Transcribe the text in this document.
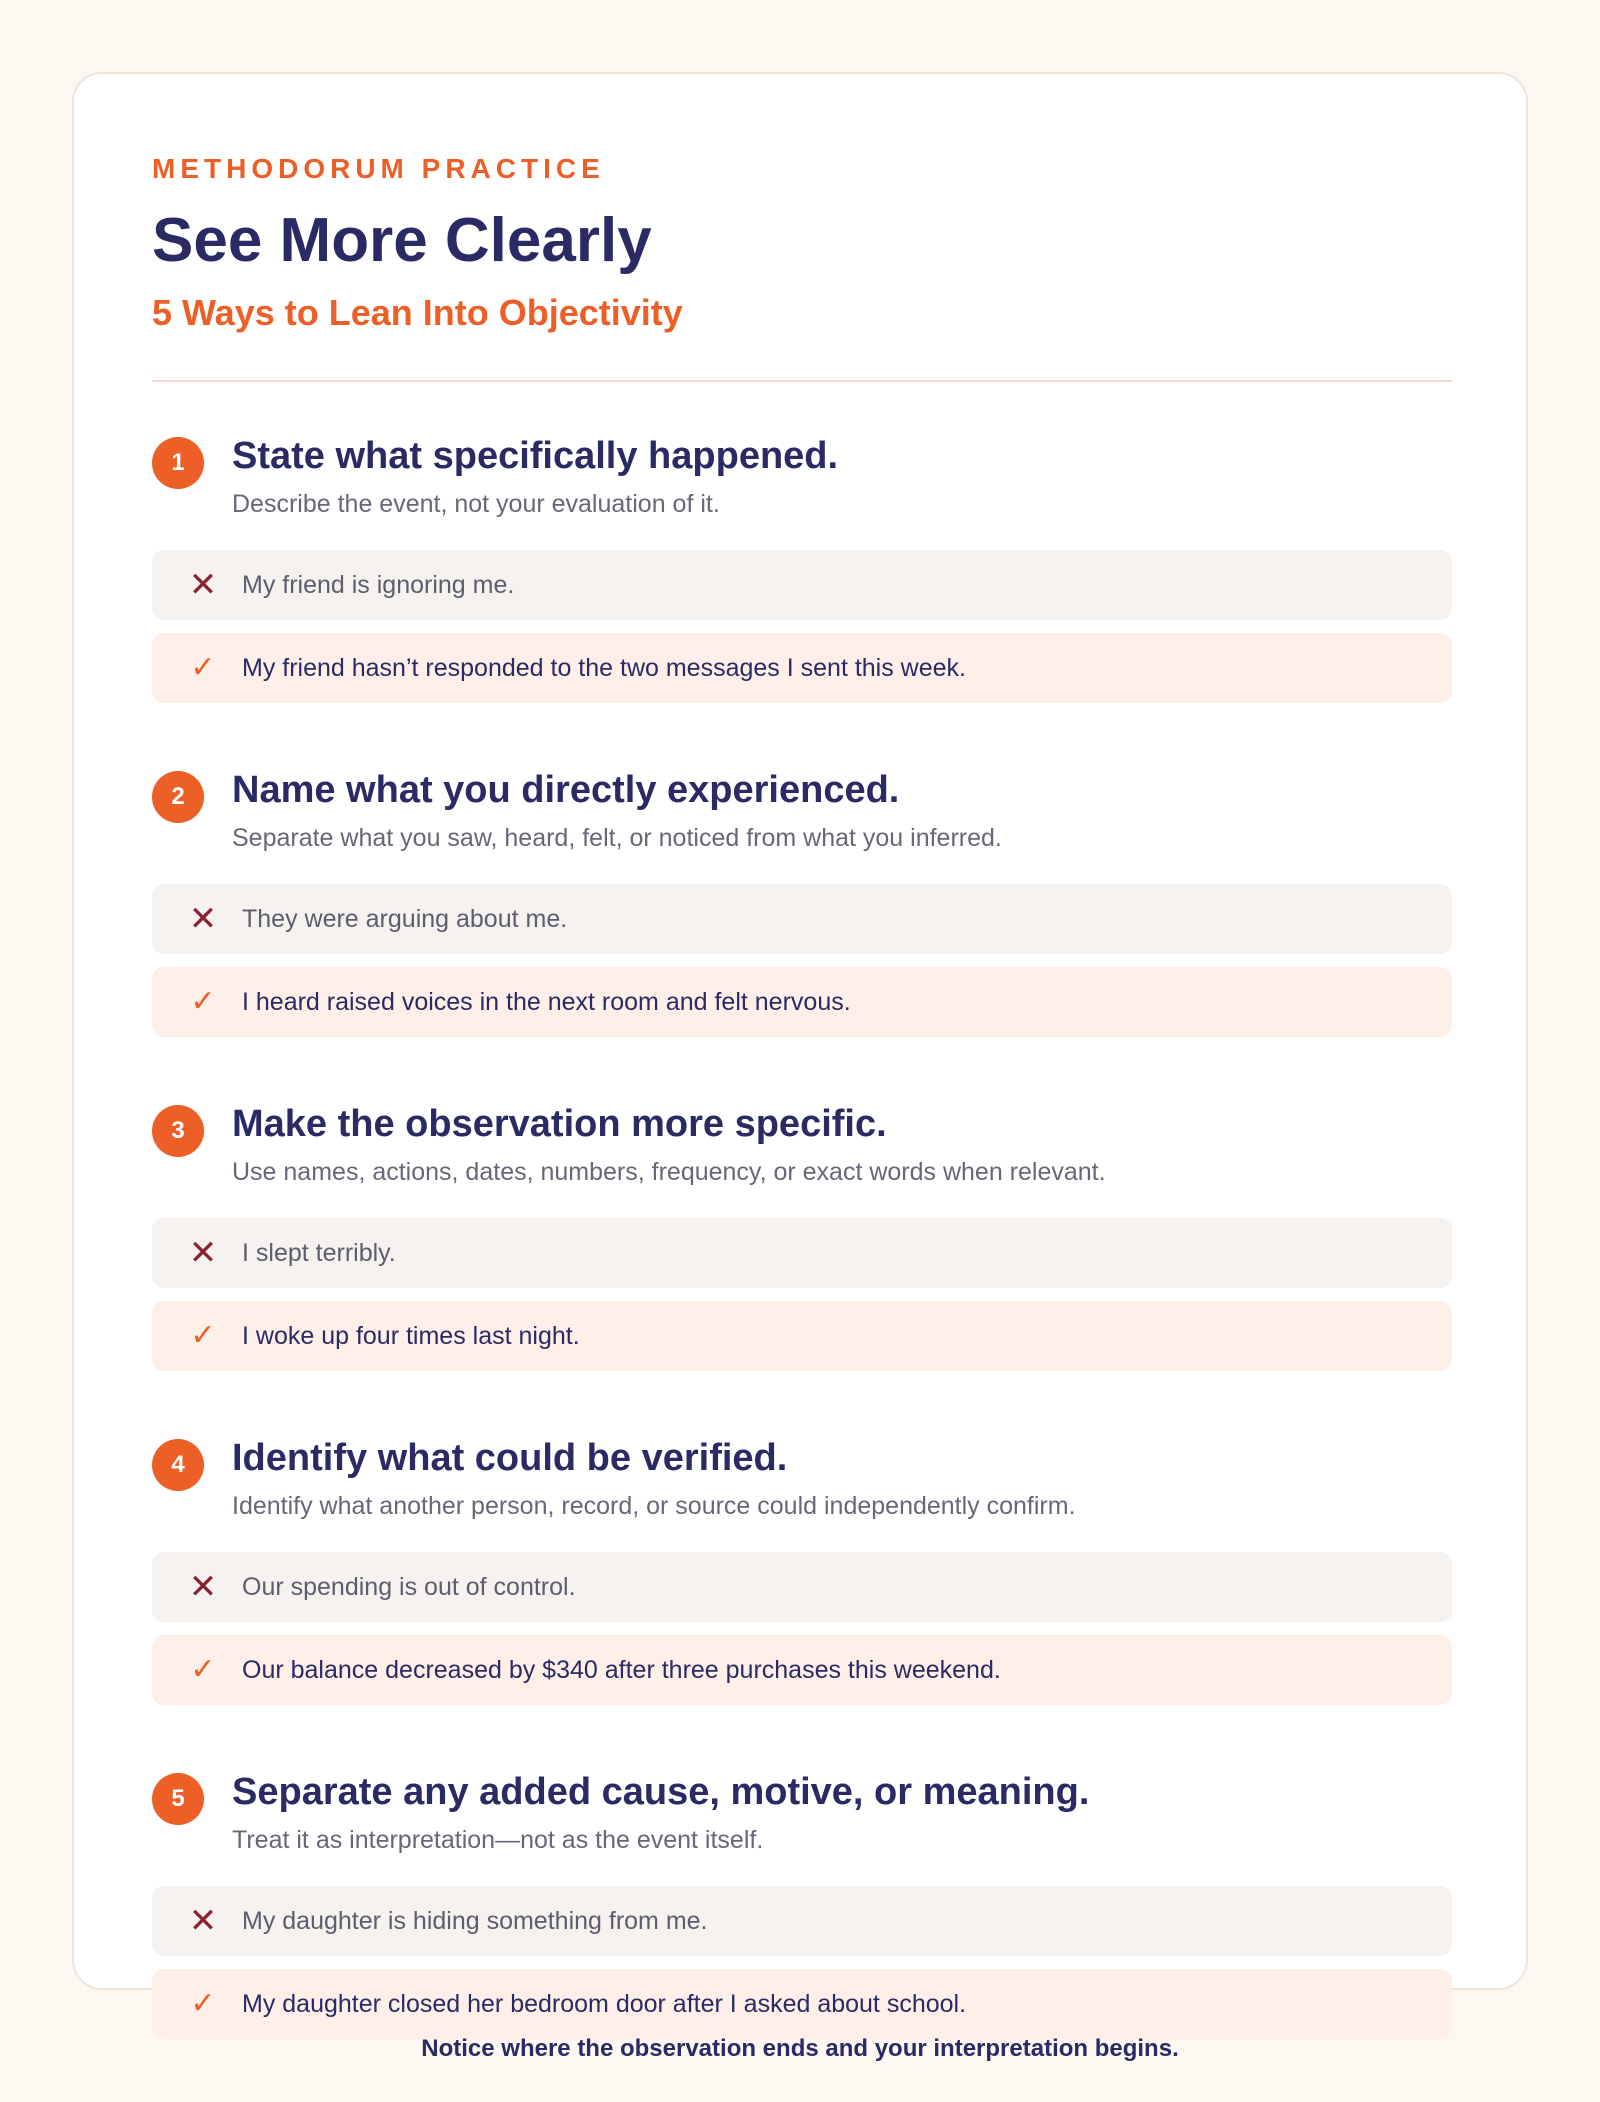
METHODORUM PRACTICE
See More Clearly
5 Ways to Lean Into Objectivity
1	State what specifically happened.
Describe the event, not your evaluation of it.
✕ My friend is ignoring me.
✓ My friend hasn’t responded to the two messages I sent this week.
2	Name what you directly experienced.
Separate what you saw, heard, felt, or noticed from what you inferred.
✕ They were arguing about me.
✓ I heard raised voices in the next room and felt nervous.
3	Make the observation more specific.
Use names, actions, dates, numbers, frequency, or exact words when relevant.
✕ I slept terribly.
✓ I woke up four times last night.
4	Identify what could be verified.
Identify what another person, record, or source could independently confirm.
✕ Our spending is out of control.
✓ Our balance decreased by $340 after three purchases this weekend.
5	Separate any added cause, motive, or meaning.
Treat it as interpretation—not as the event itself.
✕ My daughter is hiding something from me.
✓ My daughter closed her bedroom door after I asked about school.
Notice where the observation ends and your interpretation begins.
